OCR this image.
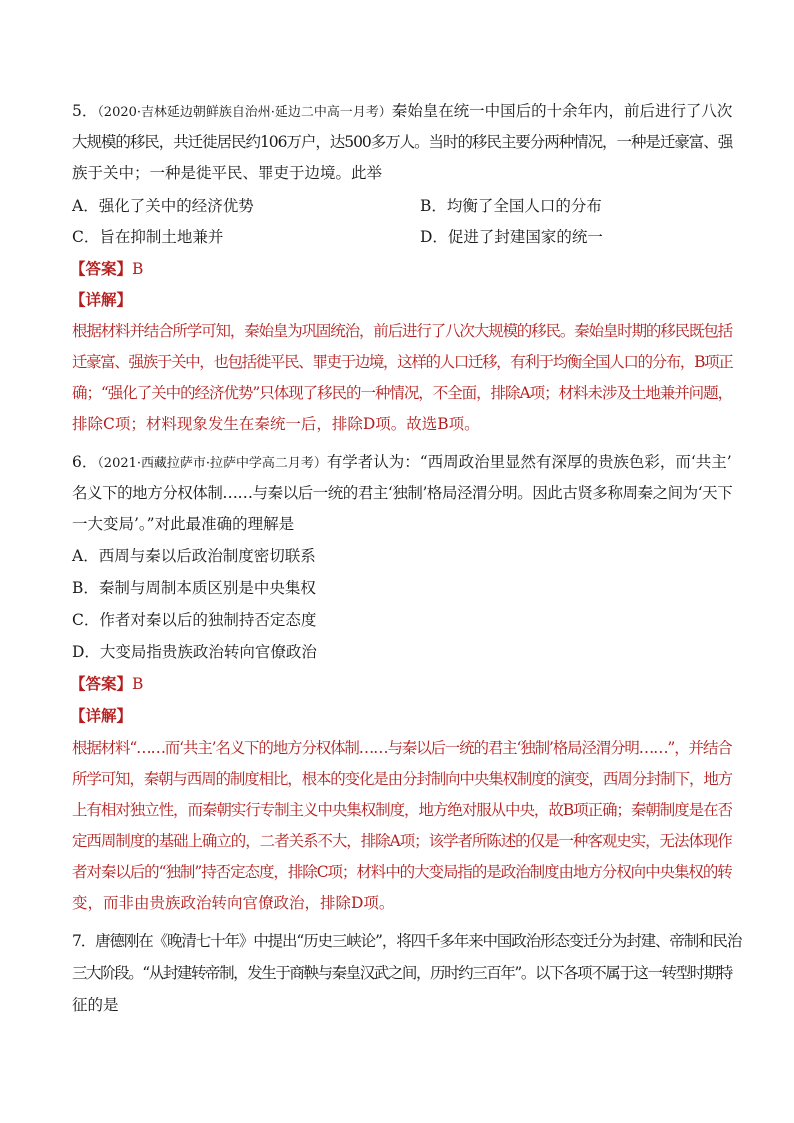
5．（2020·吉林延边朝鲜族自治州·延边二中高一月考）秦始皇在统一中国后的十余年内，前后进行了八次
大规模的移民，共迁徙居民约106万户，达500多万人。当时的移民主要分两种情况，一种是迁豪富、强
族于关中；一种是徙平民、罪吏于边境。此举
A．强化了关中的经济优势	B．均衡了全国人口的分布
C．旨在抑制土地兼并	D．促进了封建国家的统一
【答案】B
【详解】
根据材料并结合所学可知，秦始皇为巩固统治，前后进行了八次大规模的移民。秦始皇时期的移民既包括
迁豪富、强族于关中，也包括徙平民、罪吏于边境，这样的人口迁移，有利于均衡全国人口的分布，B项正
确；“强化了关中的经济优势”只体现了移民的一种情况，不全面，排除A项；材料未涉及土地兼并问题，
排除C项；材料现象发生在秦统一后，排除D项。故选B项。
6．（2021·西藏拉萨市·拉萨中学高二月考）有学者认为：“西周政治里显然有深厚的贵族色彩，而‘共主’
名义下的地方分权体制……与秦以后一统的君主‘独制’格局泾渭分明。因此古贤多称周秦之间为‘天下
一大变局’。”对此最准确的理解是
A．西周与秦以后政治制度密切联系
B．秦制与周制本质区别是中央集权
C．作者对秦以后的独制持否定态度
D．大变局指贵族政治转向官僚政治
【答案】B
【详解】
根据材料“……而‘共主’名义下的地方分权体制……与秦以后一统的君主‘独制’格局泾渭分明……”，并结合
所学可知，秦朝与西周的制度相比，根本的变化是由分封制向中央集权制度的演变，西周分封制下，地方
上有相对独立性，而秦朝实行专制主义中央集权制度，地方绝对服从中央，故B项正确；秦朝制度是在否
定西周制度的基础上确立的，二者关系不大，排除A项；该学者所陈述的仅是一种客观史实，无法体现作
者对秦以后的“独制”持否定态度，排除C项；材料中的大变局指的是政治制度由地方分权向中央集权的转
变，而非由贵族政治转向官僚政治，排除D项。
7．唐德刚在《晚清七十年》中提出“历史三峡论”，将四千多年来中国政治形态变迁分为封建、帝制和民治
三大阶段。“从封建转帝制，发生于商鞅与秦皇汉武之间，历时约三百年”。以下各项不属于这一转型时期特
征的是
